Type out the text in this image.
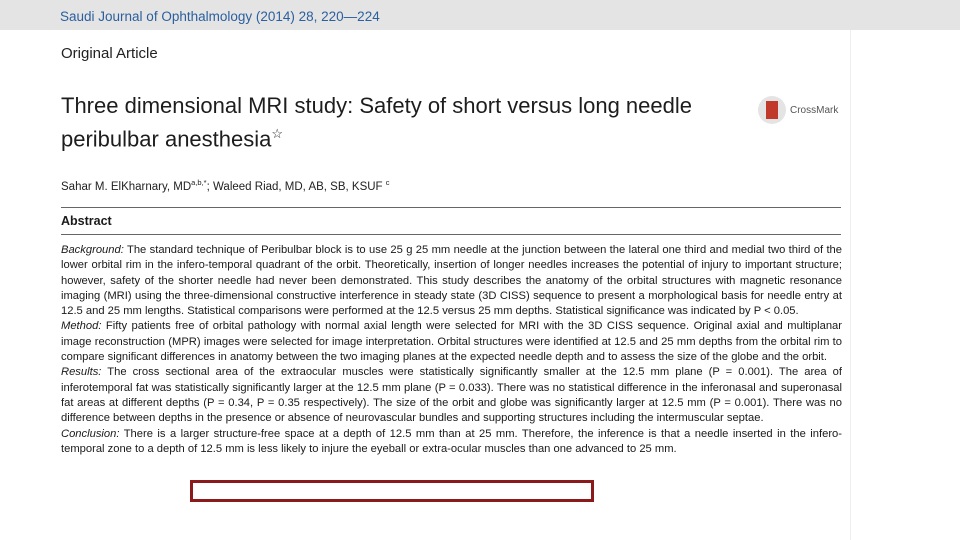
Saudi Journal of Ophthalmology (2014) 28, 220—224
Original Article
Three dimensional MRI study: Safety of short versus long needle peribulbar anesthesia☆
CrossMark
Sahar M. ElKharnary, $MD^{a,b,*}$; Waleed Riad, MD, AB, SB, KSUF $^c$
Abstract

Background: The standard technique of Peribulbar block is to use 25 g 25 mm needle at the junction between the lateral one third and medial two third of the lower orbital rim in the infero-temporal quadrant of the orbit. Theoretically, insertion of longer needles increases the potential of injury to important structure; however, safety of the shorter needle had never been demonstrated. This study describes the anatomy of the orbital structures with magnetic resonance imaging (MRI) using the three-dimensional constructive interference in steady state (3D CISS) sequence to present a morphological basis for needle entry at 12.5 and 25 mm lengths. Statistical comparisons were performed at the 12.5 versus 25 mm depths. Statistical significance was indicated by P < 0.05.

Method: Fifty patients free of orbital pathology with normal axial length were selected for MRI with the 3D CISS sequence. Original axial and multiplanar image reconstruction (MPR) images were selected for image interpretation. Orbital structures were identified at 12.5 and 25 mm depths from the orbital rim to compare significant differences in anatomy between the two imaging planes at the expected needle depth and to assess the size of the globe and the orbit.

Results: The cross sectional area of the extraocular muscles were statistically significantly smaller at the 12.5 mm plane (P = 0.001). The area of inferotemporal fat was statistically significantly larger at the 12.5 mm plane (P = 0.033). There was no statistical difference in the inferonasal and superonasal fat areas at different depths (P = 0.34, P = 0.35 respectively). The size of the orbit and globe was significantly larger at 12.5 mm (P = 0.001). There was no difference between depths in the presence or absence of neurovascular bundles and supporting structures including the intermuscular septae.

Conclusion: There is a larger structure-free space at a depth of 12.5 mm than at 25 mm. Therefore, the inference is that a needle inserted in the infero-temporal zone to a depth of 12.5 mm is less likely to injure the eyeball or extra-ocular muscles than one advanced to 25 mm.
